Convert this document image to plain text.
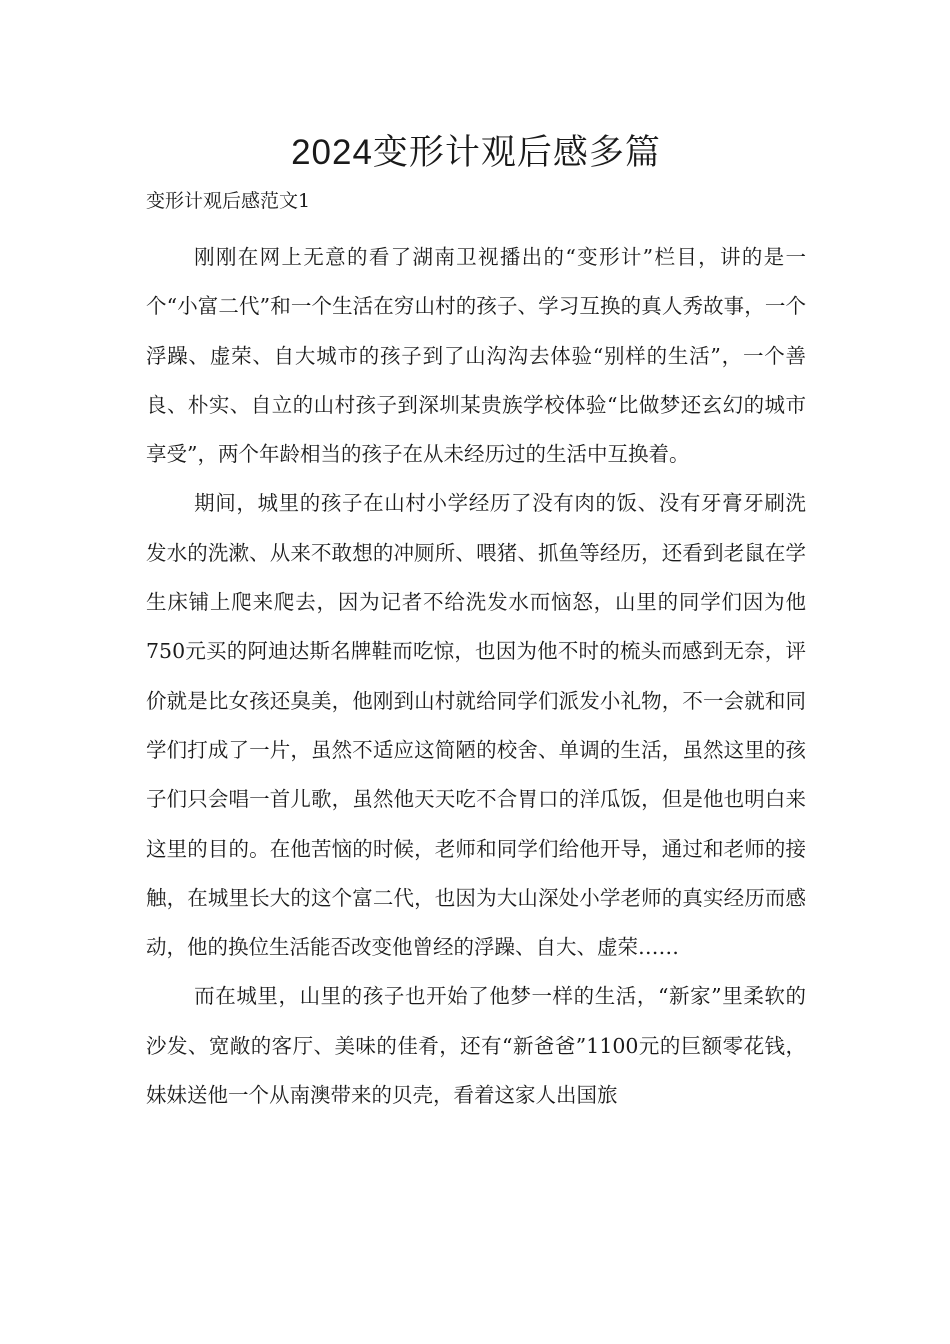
2024变形计观后感多篇
变形计观后感范文1

刚刚在网上无意的看了湖南卫视播出的“变形计”栏目，讲的是一个“小富二代”和一个生活在穷山村的孩子、学习互换的真人秀故事，一个浮躁、虚荣、自大城市的孩子到了山沟沟去体验“别样的生活”，一个善良、朴实、自立的山村孩子到深圳某贵族学校体验“比做梦还玄幻的城市享受”，两个年龄相当的孩子在从未经历过的生活中互换着。

期间，城里的孩子在山村小学经历了没有肉的饭、没有牙膏牙刷洗发水的洗漱、从来不敢想的冲厕所、喂猪、抓鱼等经历，还看到老鼠在学生床铺上爬来爬去，因为记者不给洗发水而恼怒，山里的同学们因为他750元买的阿迪达斯名牌鞋而吃惊，也因为他不时的梳头而感到无奈，评价就是比女孩还臭美，他刚到山村就给同学们派发小礼物，不一会就和同学们打成了一片，虽然不适应这简陋的校舍、单调的生活，虽然这里的孩子们只会唱一首儿歌，虽然他天天吃不合胃口的洋瓜饭，但是他也明白来这里的目的。在他苦恼的时候，老师和同学们给他开导，通过和老师的接触，在城里长大的这个富二代，也因为大山深处小学老师的真实经历而感动，他的换位生活能否改变他曾经的浮躁、自大、虚荣……

而在城里，山里的孩子也开始了他梦一样的生活，“新家”里柔软的沙发、宽敞的客厅、美味的佳肴，还有“新爸爸”1100元的巨额零花钱，妹妹送他一个从南澳带来的贝壳，看着这家人出国旅
